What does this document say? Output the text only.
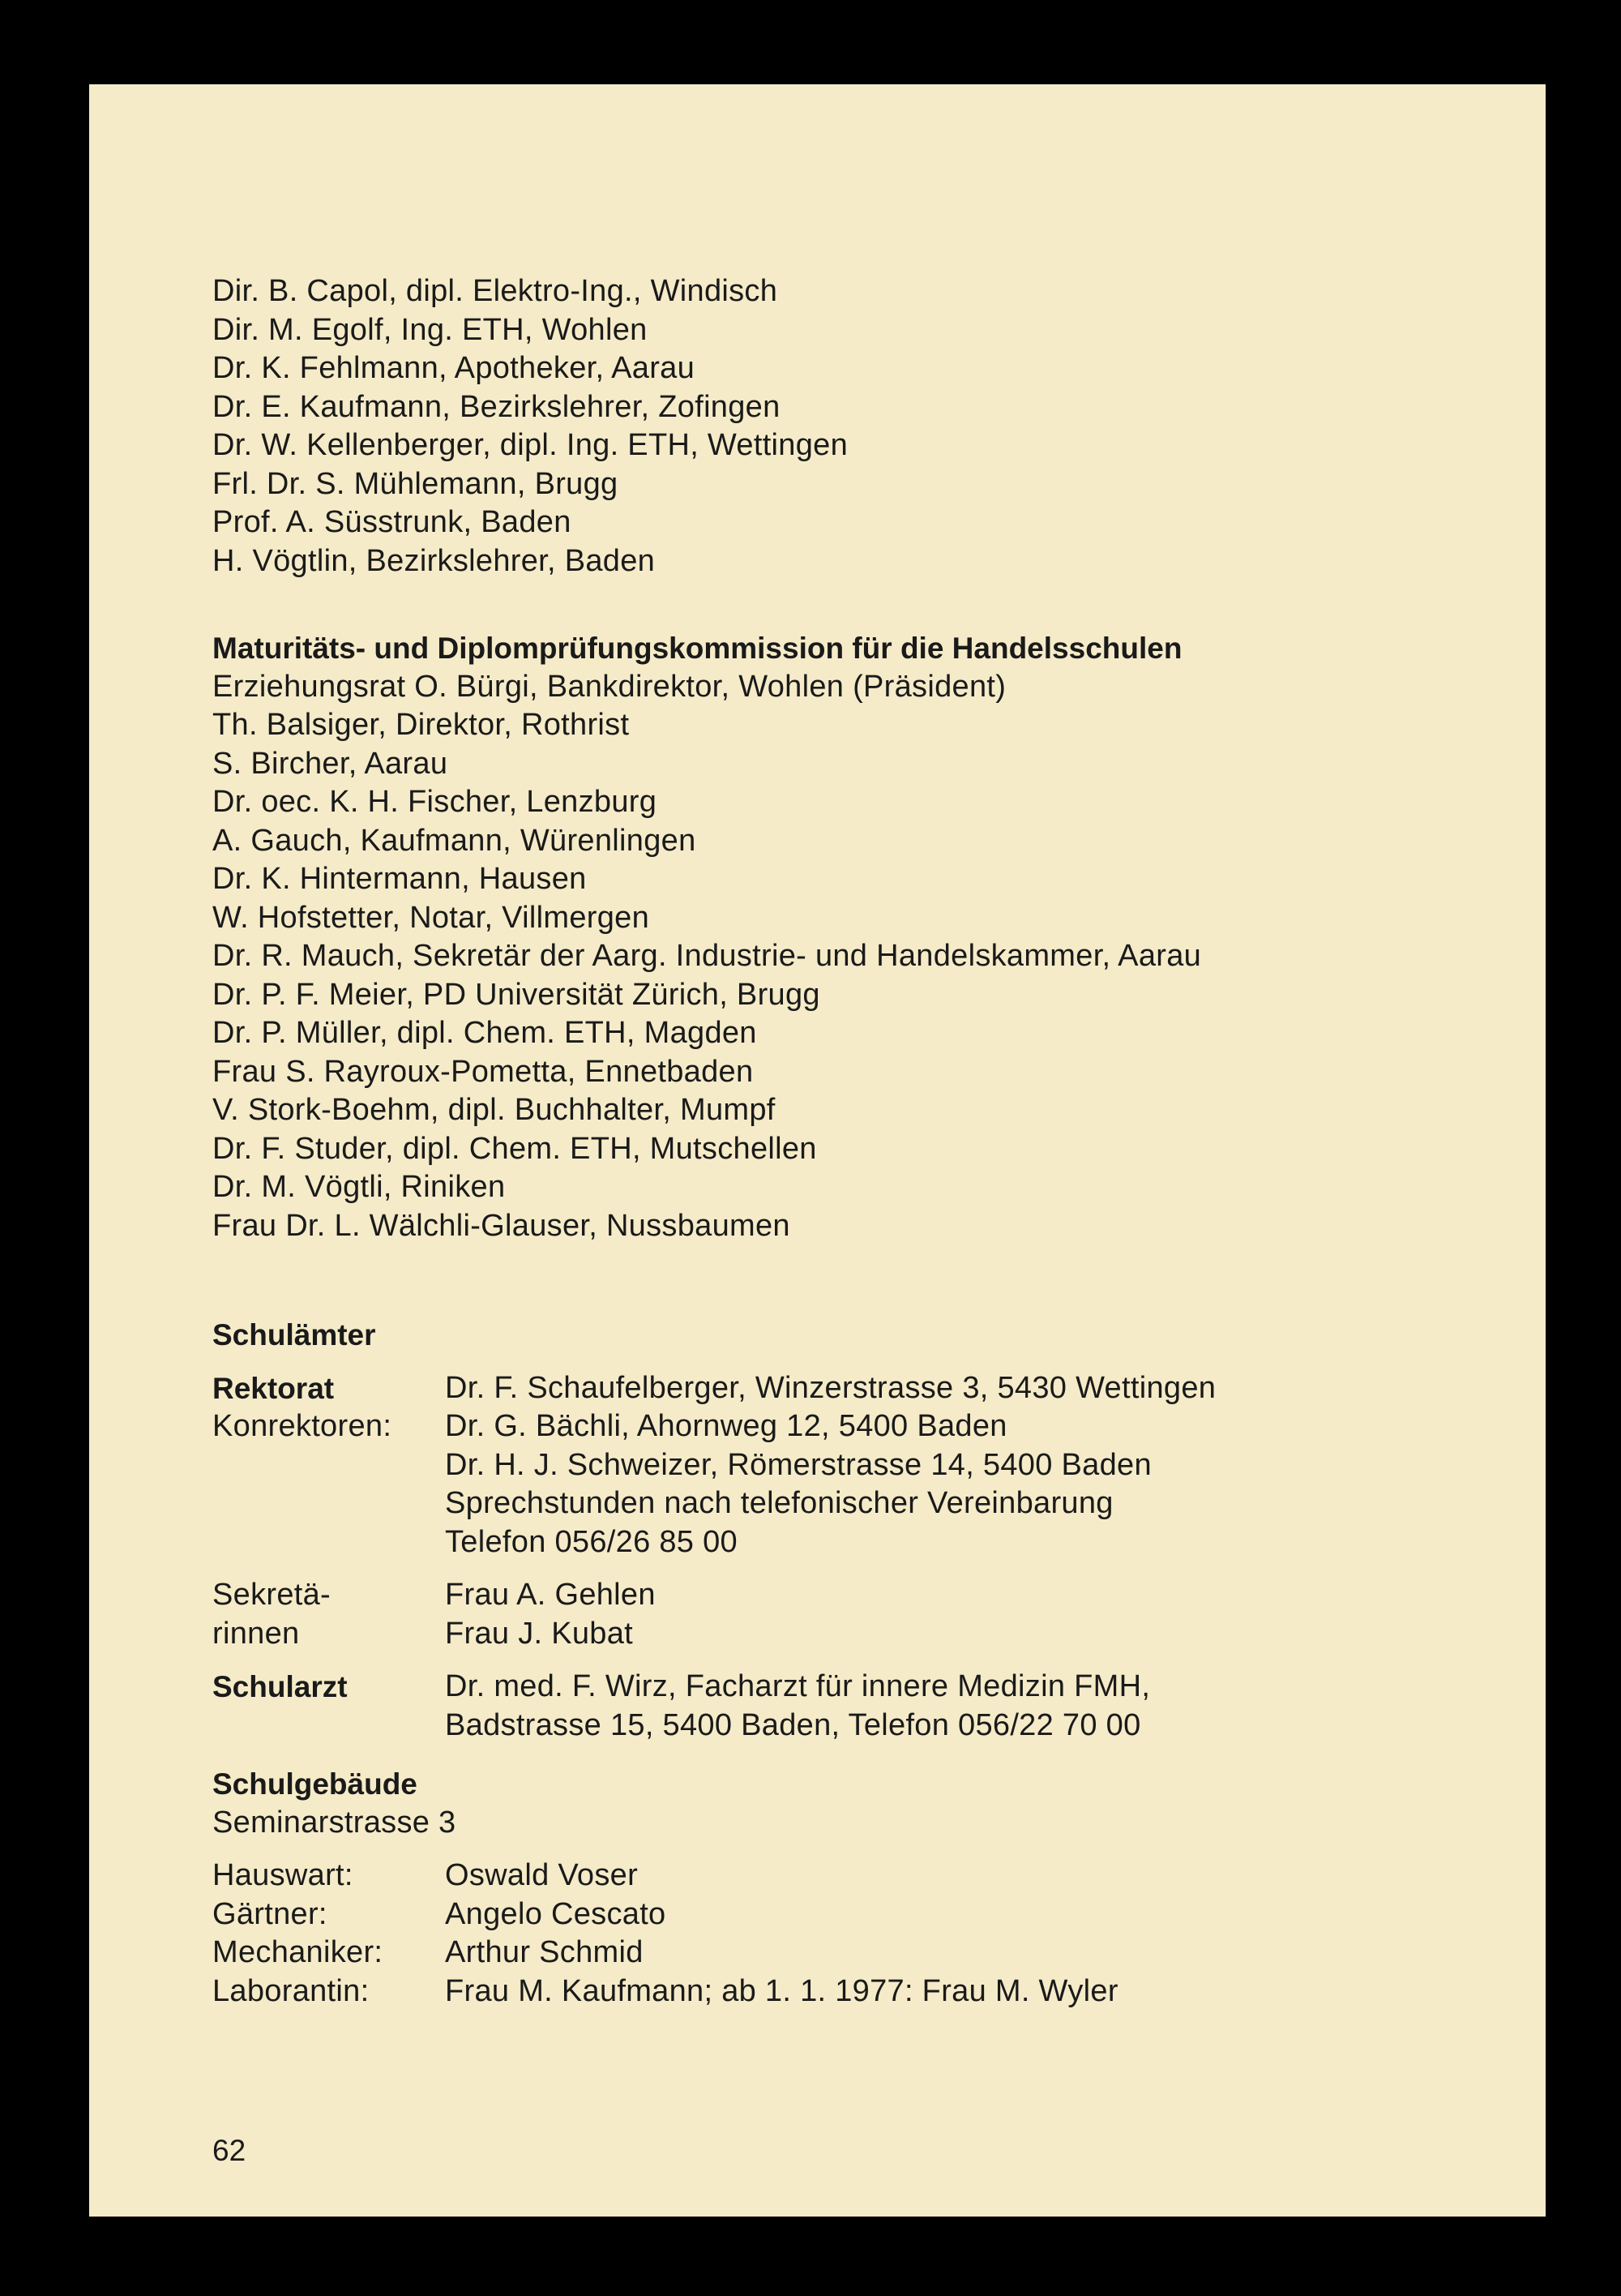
Dir. B. Capol, dipl. Elektro-Ing., Windisch
Dir. M. Egolf, Ing. ETH, Wohlen
Dr. K. Fehlmann, Apotheker, Aarau
Dr. E. Kaufmann, Bezirkslehrer, Zofingen
Dr. W. Kellenberger, dipl. Ing. ETH, Wettingen
Frl. Dr. S. Mühlemann, Brugg
Prof. A. Süsstrunk, Baden
H. Vögtlin, Bezirkslehrer, Baden
Maturitäts- und Diplomprüfungskommission für die Handelsschulen
Erziehungsrat O. Bürgi, Bankdirektor, Wohlen (Präsident)
Th. Balsiger, Direktor, Rothrist
S. Bircher, Aarau
Dr. oec. K. H. Fischer, Lenzburg
A. Gauch, Kaufmann, Würenlingen
Dr. K. Hintermann, Hausen
W. Hofstetter, Notar, Villmergen
Dr. R. Mauch, Sekretär der Aarg. Industrie- und Handelskammer, Aarau
Dr. P. F. Meier, PD Universität Zürich, Brugg
Dr. P. Müller, dipl. Chem. ETH, Magden
Frau S. Rayroux-Pometta, Ennetbaden
V. Stork-Boehm, dipl. Buchhalter, Mumpf
Dr. F. Studer, dipl. Chem. ETH, Mutschellen
Dr. M. Vögtli, Riniken
Frau Dr. L. Wälchli-Glauser, Nussbaumen
Schulämter
Rektorat	Dr. F. Schaufelberger, Winzerstrasse 3, 5430 Wettingen
Konrektoren: Dr. G. Bächli, Ahornweg 12, 5400 Baden
Dr. H. J. Schweizer, Römerstrasse 14, 5400 Baden
Sprechstunden nach telefonischer Vereinbarung
Telefon 056/26 85 00
Sekretä-	Frau A. Gehlen
rinnen	Frau J. Kubat
Schularzt	Dr. med. F. Wirz, Facharzt für innere Medizin FMH,
Badstrasse 15, 5400 Baden, Telefon 056/22 70 00
Schulgebäude
Seminarstrasse 3
Hauswart:	Oswald Voser
Gärtner:	Angelo Cescato
Mechaniker: Arthur Schmid
Laborantin: Frau M. Kaufmann; ab 1. 1. 1977: Frau M. Wyler
62
